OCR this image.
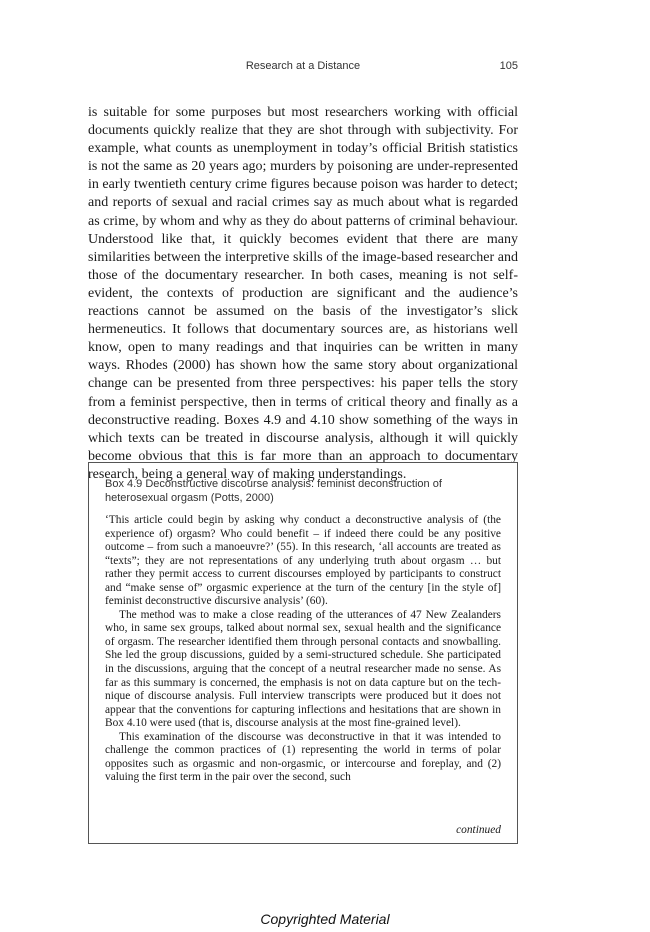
Research at a Distance	105

is suitable for some purposes but most researchers working with official documents quickly realize that they are shot through with subjectivity. For example, what counts as unemployment in today’s official British statistics is not the same as 20 years ago; murders by poisoning are under-represented in early twentieth century crime figures because poison was harder to detect; and reports of sexual and racial crimes say as much about what is regarded as crime, by whom and why as they do about patterns of criminal behaviour. Understood like that, it quickly becomes evident that there are many similarities between the interpretive skills of the image-based researcher and those of the documentary researcher. In both cases, meaning is not self-evident, the contexts of production are significant and the audience’s reactions cannot be assumed on the basis of the investigator’s slick hermeneutics. It follows that documentary sources are, as historians well know, open to many readings and that inquiries can be written in many ways. Rhodes (2000) has shown how the same story about organizational change can be presented from three perspectives: his paper tells the story from a feminist perspective, then in terms of critical theory and finally as a deconstructive reading. Boxes 4.9 and 4.10 show something of the ways in which texts can be treated in discourse analysis, although it will quickly become obvious that this is far more than an approach to documentary research, being a general way of making understandings.

Box 4.9 Deconstructive discourse analysis: feminist deconstruction of heterosexual orgasm (Potts, 2000)

‘This article could begin by asking why conduct a deconstructive analysis of (the experience of) orgasm? Who could benefit – if indeed there could be any positive outcome – from such a manoeuvre?’ (55). In this research, ‘all accounts are treated as “texts”; they are not representations of any underlying truth about orgasm … but rather they permit access to current discourses employed by participants to construct and “make sense of” orgasmic experience at the turn of the century [in the style of] feminist deconstructive discursive analysis’ (60).

The method was to make a close reading of the utterances of 47 New Zealanders who, in same sex groups, talked about normal sex, sexual health and the significance of orgasm. The researcher identified them through personal contacts and snowballing. She led the group discussions, guided by a semi-structured schedule. She participated in the discussions, arguing that the concept of a neutral researcher made no sense. As far as this summary is concerned, the emphasis is not on data capture but on the technique of discourse analysis. Full interview transcripts were produced but it does not appear that the conventions for capturing inflections and hesitations that are shown in Box 4.10 were used (that is, discourse analysis at the most fine-grained level).

This examination of the discourse was deconstructive in that it was intended to challenge the common practices of (1) representing the world in terms of polar opposites such as orgasmic and non-orgasmic, or intercourse and foreplay, and (2) valuing the first term in the pair over the second, such

continued
Copyrighted Material
